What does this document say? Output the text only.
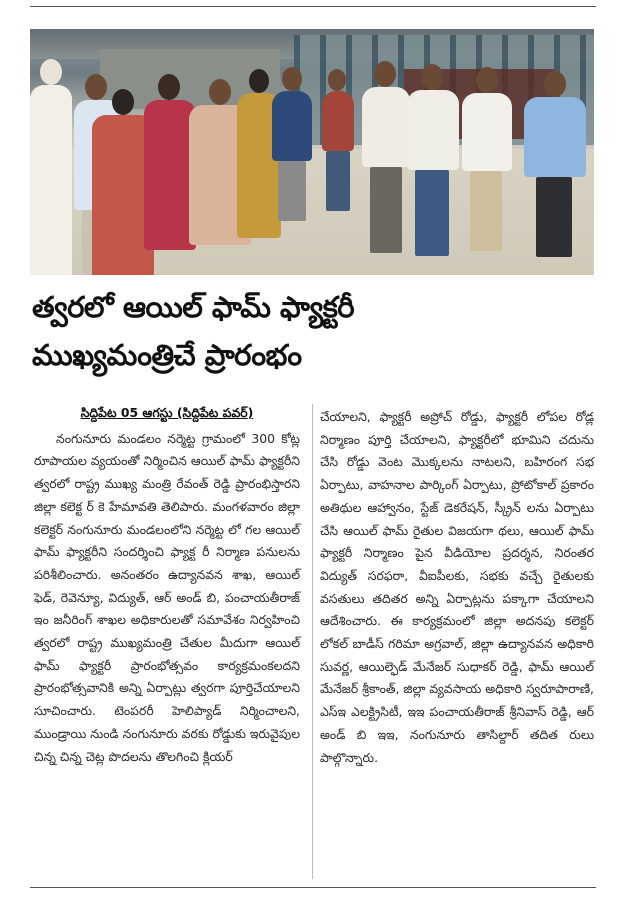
త్వరలో ఆయిల్ ఫామ్ ఫ్యాక్టరీ
ముఖ్యమంత్రిచే ప్రారంభం

సిద్దిపేట 05 ఆగస్టు (సిద్దిపేట పవర్)

నంగునూరు మండలం నర్మెట్ట గ్రామంలో 300 కోట్ల రూపాయల వ్యయంతో నిర్మించిన ఆయిల్ ఫామ్ ఫ్యాక్టరీని త్వరలో రాష్ట్ర ముఖ్య మంత్రి రేవంత్ రెడ్డి ప్రారంభిస్తారని జిల్లా కలెక్ట ర్ కె హేమావతి తెలిపారు. మంగళవారం జిల్లా కలెక్టర్ నంగునూరు మండలంలోని నర్మెట్ట లో గల ఆయిల్ ఫామ్ ఫ్యాక్టరీని సందర్శించి ఫ్యాక్ట రీ నిర్మాణ పనులను పరిశీలించారు. అనంతరం ఉద్యానవన శాఖ, ఆయిల్ ఫెడ్, రెవెన్యూ, విద్యుత్, ఆర్ అండ్ బి, పంచాయతీరాజ్ ఇం జనీరింగ్ శాఖల అధికారులతో సమావేశం నిర్వహించి త్వరలో రాష్ట్ర ముఖ్యమంత్రి చేతుల మీదుగా ఆయిల్ ఫామ్ ఫ్యాక్టరీ ప్రారంభోత్సవం కార్యక్రమంకలదని ప్రారంభోత్సవానికి అన్ని ఏర్పాట్లు త్వరగా పూర్తిచేయాలని సూచించారు. టెంపరరీ హెలిప్యాడ్ నిర్మించాలని, ముండ్రాయి నుండి నంగునూరు వరకు రోడ్డుకు ఇరువైపుల చిన్న చిన్న చెట్ల పొదలను తొలగించి క్లియర్

చేయాలని, ఫ్యాక్టరీ అప్రోచ్ రోడ్డు, ఫ్యాక్టరీ లోపల రోడ్ల నిర్మాణం పూర్తి చేయాలని, ఫ్యాక్టరీలో భూమిని చదును చేసి రోడ్డు వెంట మొక్కలను నాటలని, బహిరంగ సభ ఏర్పాటు, వాహనాల పార్కింగ్ ఏర్పాటు, ప్రోటోకాల్ ప్రకారం అతిథుల ఆహ్వానం, స్టేజ్ డెకరేషన్, స్క్రీన్ లను ఏర్పాటు చేసి ఆయిల్ ఫామ్ రైతుల విజయగా థలు, ఆయిల్ ఫామ్ ఫ్యాక్టరీ నిర్మాణం పైన వీడియోల ప్రదర్శన, నిరంతర విద్యుత్ సరఫరా, వీఐపీలకు, సభకు వచ్చే రైతులకు వసతులు తదితర అన్ని ఏర్పాట్లను పక్కాగా చేయాలని ఆదేశించారు. ఈ కార్యక్రమంలో జిల్లా అదనపు కలెక్టర్ లోకల్ బాడీస్ గరిమా అగ్రవాల్, జిల్లా ఉద్యానవన అధికారి సువర్ణ, ఆయిల్ఫెడ్ మేనేజర్ సుధాకర్ రెడ్డి, ఫామ్ ఆయిల్ మేనేజర్ శ్రీకాంత్, జిల్లా వ్యవసాయ అధికారి స్వరూపారాణి, ఎస్ఇ ఎలక్ట్రిసిటీ, ఇఇ పంచాయతీరాజ్ శ్రీనివాస్ రెడ్డి, ఆర్ అండ్ బి ఇఇ, నంగునూరు తాసిల్దార్ తదిత రులు పాల్గొన్నారు.
